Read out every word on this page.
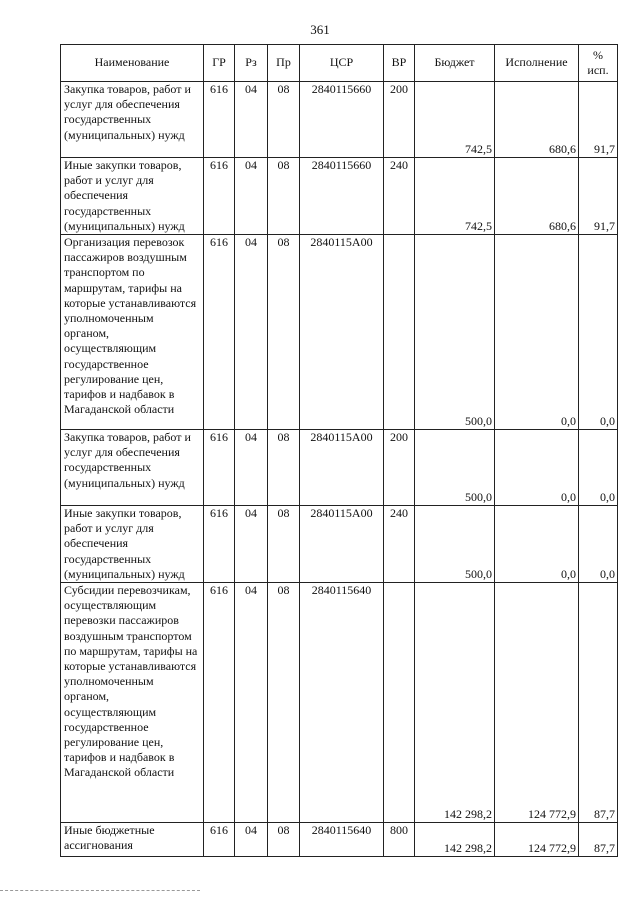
361
Наименование	ГР	Рз	Пр	ЦСР	ВР	Бюджет	Исполнение	%
исп.

Закупка товаров, работ и услуг для обеспечения государственных (муниципальных) нужд	616	04	08	2840115660	200	742,5	680,6	91,7
Иные закупки товаров, работ и услуг для обеспечения государственных (муниципальных) нужд	616	04	08	2840115660	240	742,5	680,6	91,7
Организация перевозок пассажиров воздушным транспортом по маршрутам, тарифы на которые устанавливаются уполномоченным органом, осуществляющим государственное регулирование цен, тарифов и надбавок в Магаданской области	616	04	08	2840115А00		500,0	0,0	0,0
Закупка товаров, работ и услуг для обеспечения государственных (муниципальных) нужд	616	04	08	2840115А00	200	500,0	0,0	0,0
Иные закупки товаров, работ и услуг для обеспечения государственных (муниципальных) нужд	616	04	08	2840115А00	240	500,0	0,0	0,0
Субсидии перевозчикам, осуществляющим перевозки пассажиров воздушным транспортом по маршрутам, тарифы на которые устанавливаются уполномоченным органом, осуществляющим государственное регулирование цен, тарифов и надбавок в Магаданской области	616	04	08	2840115640		142 298,2	124 772,9	87,7
Иные бюджетные ассигнования	616	04	08	2840115640	800	142 298,2	124 772,9	87,7
